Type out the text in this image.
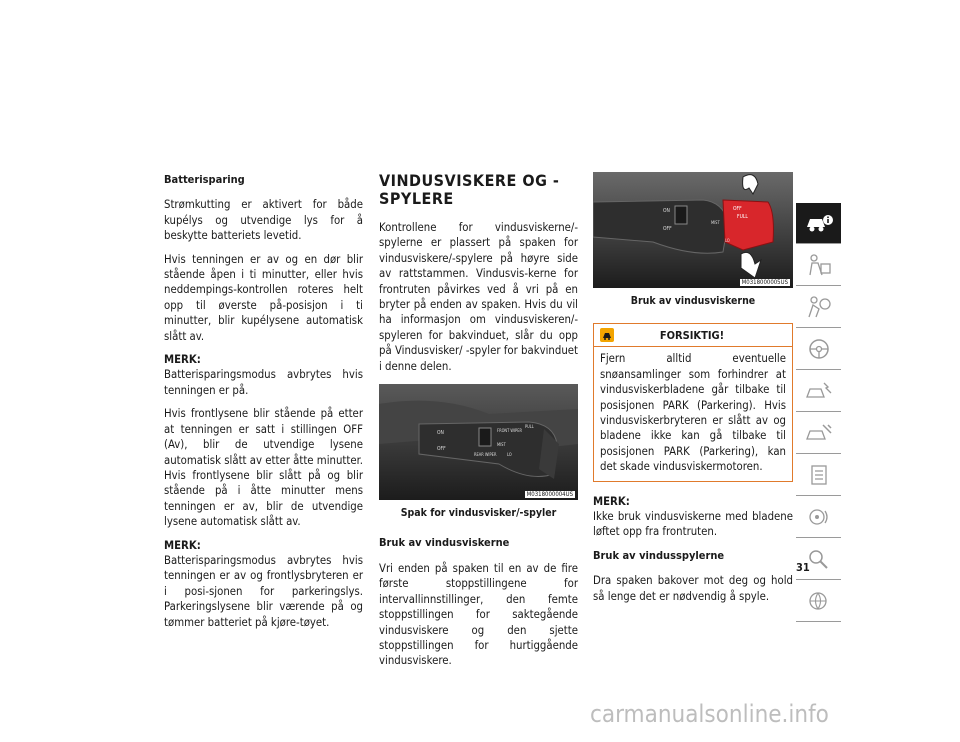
Batterisparing

Strømkutting er aktivert for både kupélys og utvendige lys for å beskytte batteriets levetid.

Hvis tenningen er av og en dør blir stående åpen i ti minutter, eller hvis neddempings-kontrollen roteres helt opp til øverste på-posisjon i ti minutter, blir kupélysene automatisk slått av.

MERK:

Batterisparingsmodus avbrytes hvis tenningen er på.

Hvis frontlysene blir stående på etter at tenningen er satt i stillingen OFF (Av), blir de utvendige lysene automatisk slått av etter åtte minutter. Hvis frontlysene blir slått på og blir stående på i åtte minutter mens tenningen er av, blir de utvendige lysene automatisk slått av.

MERK:

Batterisparingsmodus avbrytes hvis tenningen er av og frontlysbryteren er i posi-sjonen for parkeringslys. Parkeringslysene blir værende på og tømmer batteriet på kjøre-tøyet.

VINDUSVISKERE OG -SPYLERE

Kontrollene for vindusviskerne/-spylerne er plassert på spaken for vindusviskere/-spylere på høyre side av rattstammen. Vindusvis-kerne for frontruten påvirkes ved å vri på en bryter på enden av spaken. Hvis du vil ha informasjon om vindusviskeren/-spyleren for bakvinduet, slår du opp på Vindusvisker/ -spyler for bakvinduet i denne delen.

ON
OFF
REAR WIPER
FRONT WIPER
MIST
LO
PULL
M0318000004US
Spak for vindusvisker/-spyler
Bruk av vindusviskerne

Vri enden på spaken til en av de fire første stoppstillingene for intervallinnstillinger, den femte stoppstillingen for saktegående vindusviskere og den sjette stoppstillingen for hurtiggående vindusviskere.

ON
OFF
OFF
FULL
MIST
LO
M0318000005US
Bruk av vindusviskerne
FORSIKTIG!
Fjern alltid eventuelle snøansamlinger som forhindrer at vindusviskerbladene går tilbake til posisjonen PARK (Parkering). Hvis vindusviskerbryteren er slått av og bladene ikke kan gå tilbake til posisjonen PARK (Parkering), kan det skade vindusviskermotoren.
MERK:

Ikke bruk vindusviskerne med bladene løftet opp fra frontruten.

Bruk av vindusspylerne

Dra spaken bakover mot deg og hold så lenge det er nødvendig å spyle.

31
carmanualsonline.info
